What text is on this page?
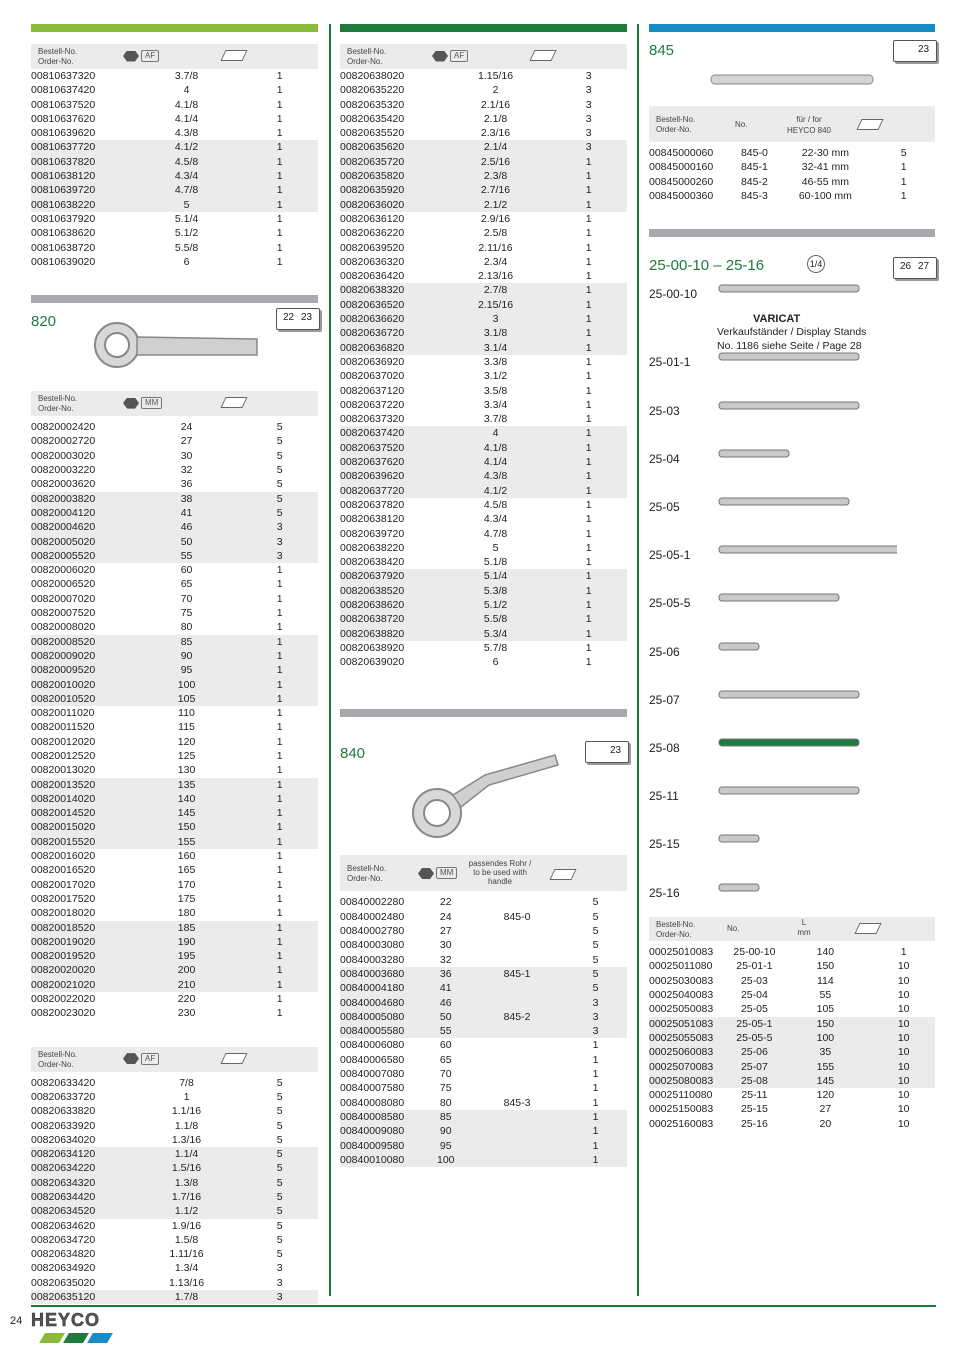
Bestell-No.
Order-No.
AF
00810637320	3.7/8	1
00810637420	4	1
00810637520	4.1/8	1
00810637620	4.1/4	1
00810639620	4.3/8	1
00810637720	4.1/2	1
00810637820	4.5/8	1
00810638120	4.3/4	1
00810639720	4.7/8	1
00810638220	5	1
00810637920	5.1/4	1
00810638620	5.1/2	1
00810638720	5.5/8	1
00810639020	6	1
820	22 23
Bestell-No.
Order-No.
MM
00820002420	24	5
00820002720	27	5
00820003020	30	5
00820003220	32	5
00820003620	36	5
00820003820	38	5
00820004120	41	5
00820004620	46	3
00820005020	50	3
00820005520	55	3
00820006020	60	1
00820006520	65	1
00820007020	70	1
00820007520	75	1
00820008020	80	1
00820008520	85	1
00820009020	90	1
00820009520	95	1
00820010020	100	1
00820010520	105	1
00820011020	110	1
00820011520	115	1
00820012020	120	1
00820012520	125	1
00820013020	130	1
00820013520	135	1
00820014020	140	1
00820014520	145	1
00820015020	150	1
00820015520	155	1
00820016020	160	1
00820016520	165	1
00820017020	170	1
00820017520	175	1
00820018020	180	1
00820018520	185	1
00820019020	190	1
00820019520	195	1
00820020020	200	1
00820021020	210	1
00820022020	220	1
00820023020	230	1
Bestell-No.
Order-No.
AF
00820633420	7/8	5
00820633720	1	5
00820633820	1.1/16	5
00820633920	1.1/8	5
00820634020	1.3/16	5
00820634120	1.1/4	5
00820634220	1.5/16	5
00820634320	1.3/8	5
00820634420	1.7/16	5
00820634520	1.1/2	5
00820634620	1.9/16	5
00820634720	1.5/8	5
00820634820	1.11/16	5
00820634920	1.3/4	3
00820635020	1.13/16	3
00820635120	1.7/8	3
Bestell-No.
Order-No.
AF
00820638020	1.15/16	3
00820635220	2	3
00820635320	2.1/16	3
00820635420	2.1/8	3
00820635520	2.3/16	3
00820635620	2.1/4	3
00820635720	2.5/16	1
00820635820	2.3/8	1
00820635920	2.7/16	1
00820636020	2.1/2	1
00820636120	2.9/16	1
00820636220	2.5/8	1
00820639520	2.11/16	1
00820636320	2.3/4	1
00820636420	2.13/16	1
00820638320	2.7/8	1
00820636520	2.15/16	1
00820636620	3	1
00820636720	3.1/8	1
00820636820	3.1/4	1
00820636920	3.3/8	1
00820637020	3.1/2	1
00820637120	3.5/8	1
00820637220	3.3/4	1
00820637320	3.7/8	1
00820637420	4	1
00820637520	4.1/8	1
00820637620	4.1/4	1
00820639620	4.3/8	1
00820637720	4.1/2	1
00820637820	4.5/8	1
00820638120	4.3/4	1
00820639720	4.7/8	1
00820638220	5	1
00820638420	5.1/8	1
00820637920	5.1/4	1
00820638520	5.3/8	1
00820638620	5.1/2	1
00820638720	5.5/8	1
00820638820	5.3/4	1
00820638920	5.7/8	1
00820639020	6	1
840	23
Bestell-No.
Order-No.
MM
passendes Rohr /
to be used with
handle
00840002280	22		5
00840002480	24	845-0	5
00840002780	27		5
00840003080	30		5
00840003280	32		5
00840003680	36	845-1	5
00840004180	41		5
00840004680	46		3
00840005080	50	845-2	3
00840005580	55		3
00840006080	60		1
00840006580	65		1
00840007080	70		1
00840007580	75		1
00840008080	80	845-3	1
00840008580	85		1
00840009080	90		1
00840009580	95		1
00840010080	100		1
845	23
Bestell-No.
Order-No.
No.
für / for
HEYCO 840
00845000060	845-0	22-30 mm	5
00845000160	845-1	32-41 mm	1
00845000260	845-2	46-55 mm	1
00845000360	845-3	60-100 mm	1
25-00-10 – 25-16	1/4	26 27
25-00-10
25-01-1
25-03
25-04
25-05
25-05-1
25-05-5
25-06
25-07
25-08
25-11
25-15
25-16
VARICAT
Verkaufständer / Display Stands
No. 1186 siehe Seite / Page 28
Bestell-No.
Order-No.
No.
L
mm
00025010083	25-00-10	140	1
00025011080	25-01-1	150	10
00025030083	25-03	114	10
00025040083	25-04	55	10
00025050083	25-05	105	10
00025051083	25-05-1	150	10
00025055083	25-05-5	100	10
00025060083	25-06	35	10
00025070083	25-07	155	10
00025080083	25-08	145	10
00025110080	25-11	120	10
00025150083	25-15	27	10
00025160083	25-16	20	10
24 HEYCO
